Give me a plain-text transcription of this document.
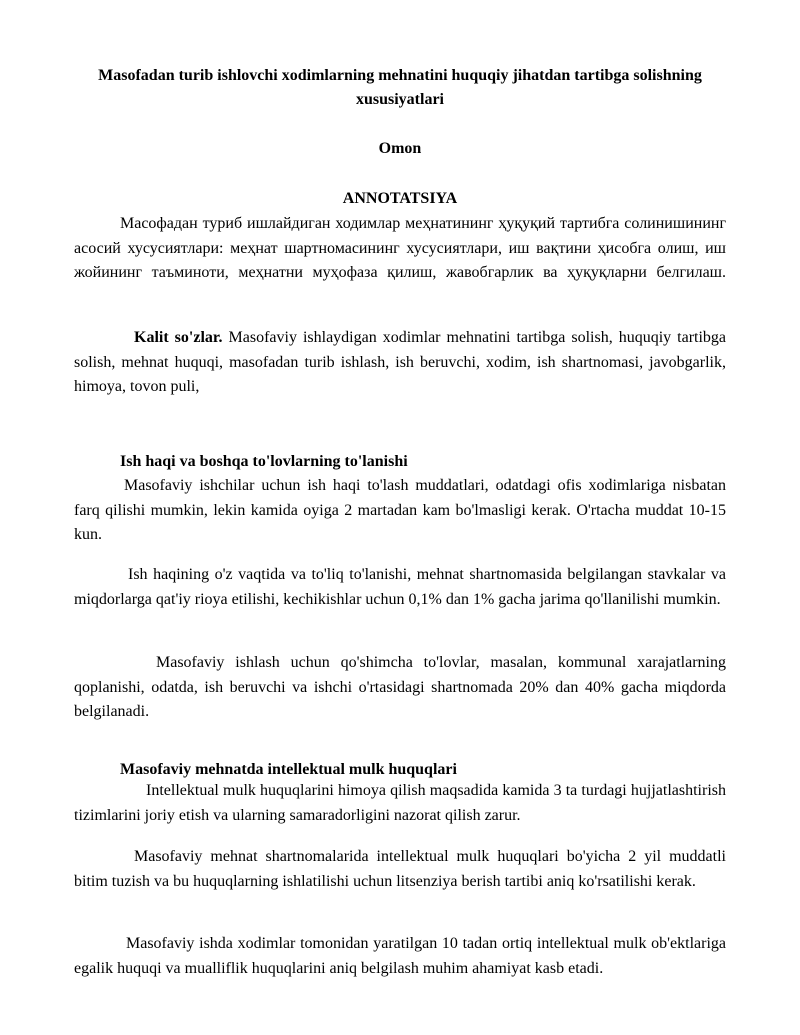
Masofadan turib ishlovchi xodimlarning mehnatini huquqiy jihatdan tartibga solishning xususiyatlari
Omon
ANNOTATSIYA

Масофадан туриб ишлайдиган ходимлар меҳнатининг ҳуқуқий тартибга солинишининг асосий хусусиятлари: меҳнат шартномасининг хусусиятлари, иш вақтини ҳисобга олиш, иш жойининг таъминоти, меҳнатни муҳофаза қилиш, жавобгарлик ва ҳуқуқларни белгилаш.

Kalit so'zlar. Masofaviy ishlaydigan xodimlar mehnatini tartibga solish, huquqiy tartibga solish, mehnat huquqi, masofadan turib ishlash, ish beruvchi, xodim, ish shartnomasi, javobgarlik, himoya, tovon puli,

Ish haqi va boshqa to'lovlarning to'lanishi

Masofaviy ishchilar uchun ish haqi to'lash muddatlari, odatdagi ofis xodimlariga nisbatan farq qilishi mumkin, lekin kamida oyiga 2 martadan kam bo'lmasligi kerak. O'rtacha muddat 10-15 kun.

Ish haqining o'z vaqtida va to'liq to'lanishi, mehnat shartnomasida belgilangan stavkalar va miqdorlarga qat'iy rioya etilishi, kechikishlar uchun 0,1% dan 1% gacha jarima qo'llanilishi mumkin.

Masofaviy ishlash uchun qo'shimcha to'lovlar, masalan, kommunal xarajatlarning qoplanishi, odatda, ish beruvchi va ishchi o'rtasidagi shartnomada 20% dan 40% gacha miqdorda belgilanadi.

Masofaviy mehnatda intellektual mulk huquqlari

Intellektual mulk huquqlarini himoya qilish maqsadida kamida 3 ta turdagi hujjatlashtirish tizimlarini joriy etish va ularning samaradorligini nazorat qilish zarur.

Masofaviy mehnat shartnomalarida intellektual mulk huquqlari bo'yicha 2 yil muddatli bitim tuzish va bu huquqlarning ishlatilishi uchun litsenziya berish tartibi aniq ko'rsatilishi kerak.

Masofaviy ishda xodimlar tomonidan yaratilgan 10 tadan ortiq intellektual mulk ob'ektlariga egalik huquqi va mualliflik huquqlarini aniq belgilash muhim ahamiyat kasb etadi.
